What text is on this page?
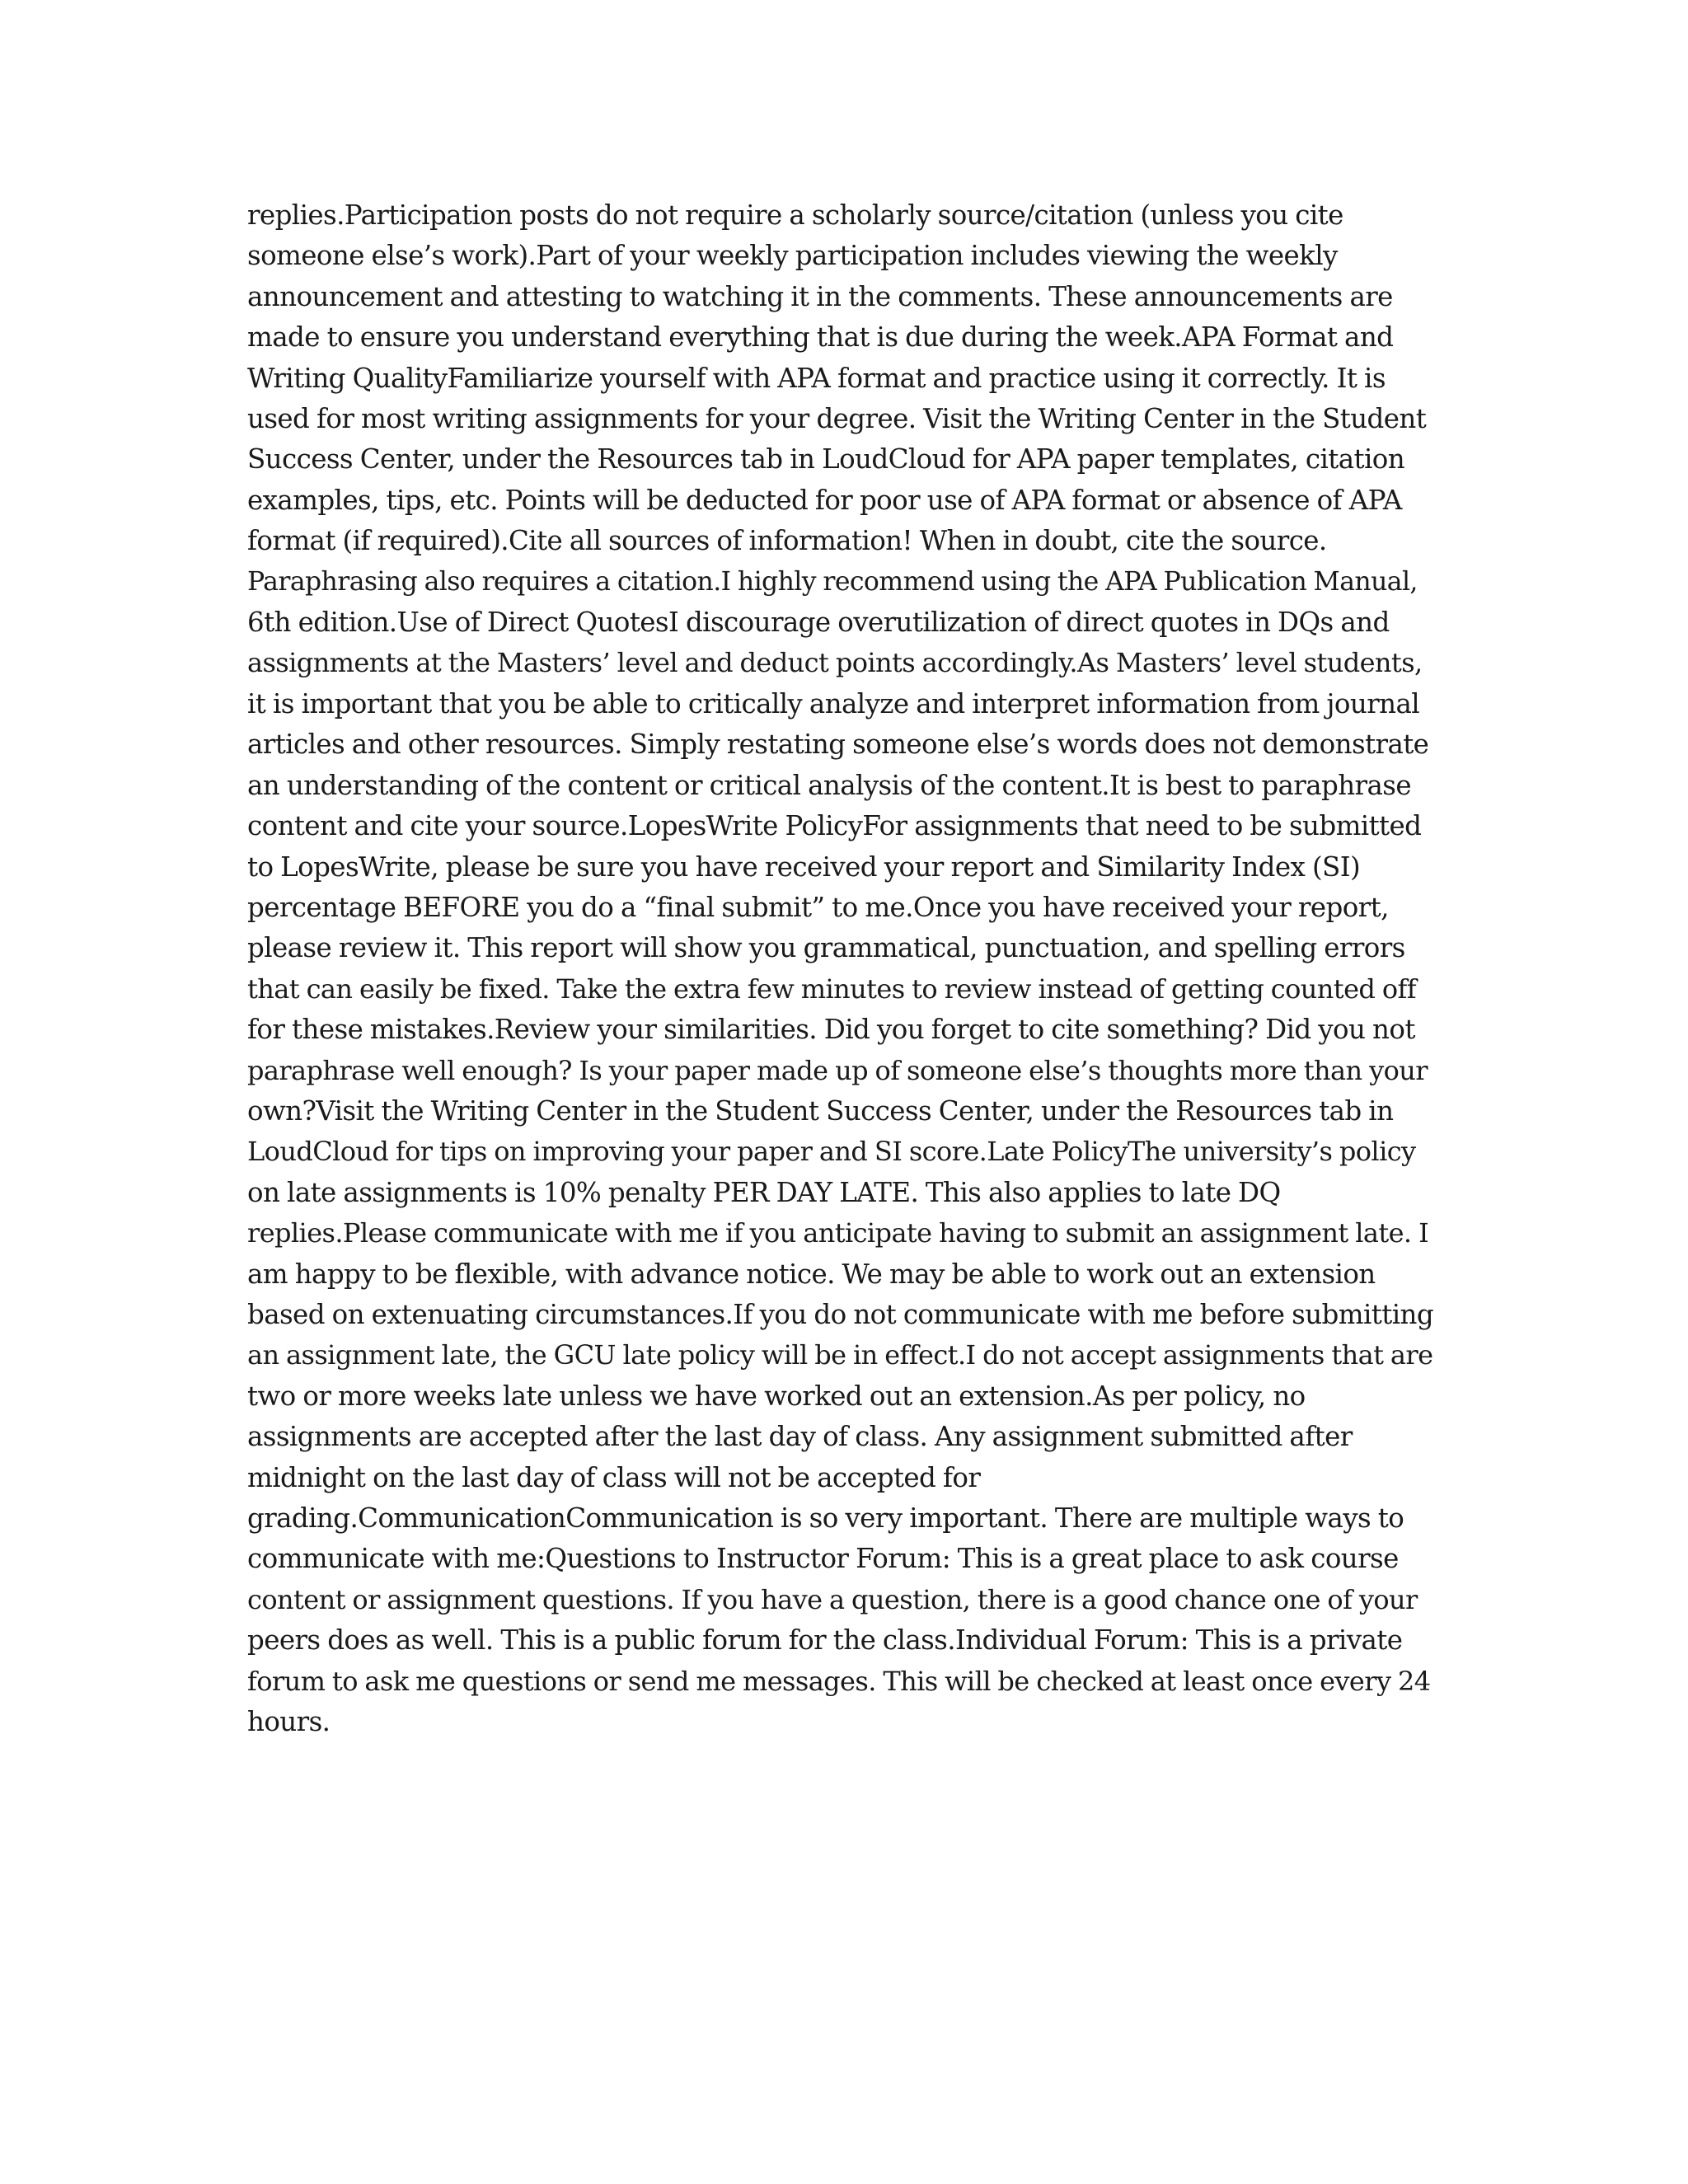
replies.Participation posts do not require a scholarly source/citation (unless you cite
someone else’s work).Part of your weekly participation includes viewing the weekly
announcement and attesting to watching it in the comments. These announcements are
made to ensure you understand everything that is due during the week.APA Format and
Writing QualityFamiliarize yourself with APA format and practice using it correctly. It is
used for most writing assignments for your degree. Visit the Writing Center in the Student
Success Center, under the Resources tab in LoudCloud for APA paper templates, citation
examples, tips, etc. Points will be deducted for poor use of APA format or absence of APA
format (if required).Cite all sources of information! When in doubt, cite the source.
Paraphrasing also requires a citation.I highly recommend using the APA Publication Manual,
6th edition.Use of Direct QuotesI discourage overutilization of direct quotes in DQs and
assignments at the Masters’ level and deduct points accordingly.As Masters’ level students,
it is important that you be able to critically analyze and interpret information from journal
articles and other resources. Simply restating someone else’s words does not demonstrate
an understanding of the content or critical analysis of the content.It is best to paraphrase
content and cite your source.LopesWrite PolicyFor assignments that need to be submitted
to LopesWrite, please be sure you have received your report and Similarity Index (SI)
percentage BEFORE you do a “final submit” to me.Once you have received your report,
please review it. This report will show you grammatical, punctuation, and spelling errors
that can easily be fixed. Take the extra few minutes to review instead of getting counted off
for these mistakes.Review your similarities. Did you forget to cite something? Did you not
paraphrase well enough? Is your paper made up of someone else’s thoughts more than your
own?Visit the Writing Center in the Student Success Center, under the Resources tab in
LoudCloud for tips on improving your paper and SI score.Late PolicyThe university’s policy
on late assignments is 10% penalty PER DAY LATE. This also applies to late DQ
replies.Please communicate with me if you anticipate having to submit an assignment late. I
am happy to be flexible, with advance notice. We may be able to work out an extension
based on extenuating circumstances.If you do not communicate with me before submitting
an assignment late, the GCU late policy will be in effect.I do not accept assignments that are
two or more weeks late unless we have worked out an extension.As per policy, no
assignments are accepted after the last day of class. Any assignment submitted after
midnight on the last day of class will not be accepted for
grading.CommunicationCommunication is so very important. There are multiple ways to
communicate with me:Questions to Instructor Forum: This is a great place to ask course
content or assignment questions. If you have a question, there is a good chance one of your
peers does as well. This is a public forum for the class.Individual Forum: This is a private
forum to ask me questions or send me messages. This will be checked at least once every 24
hours.
